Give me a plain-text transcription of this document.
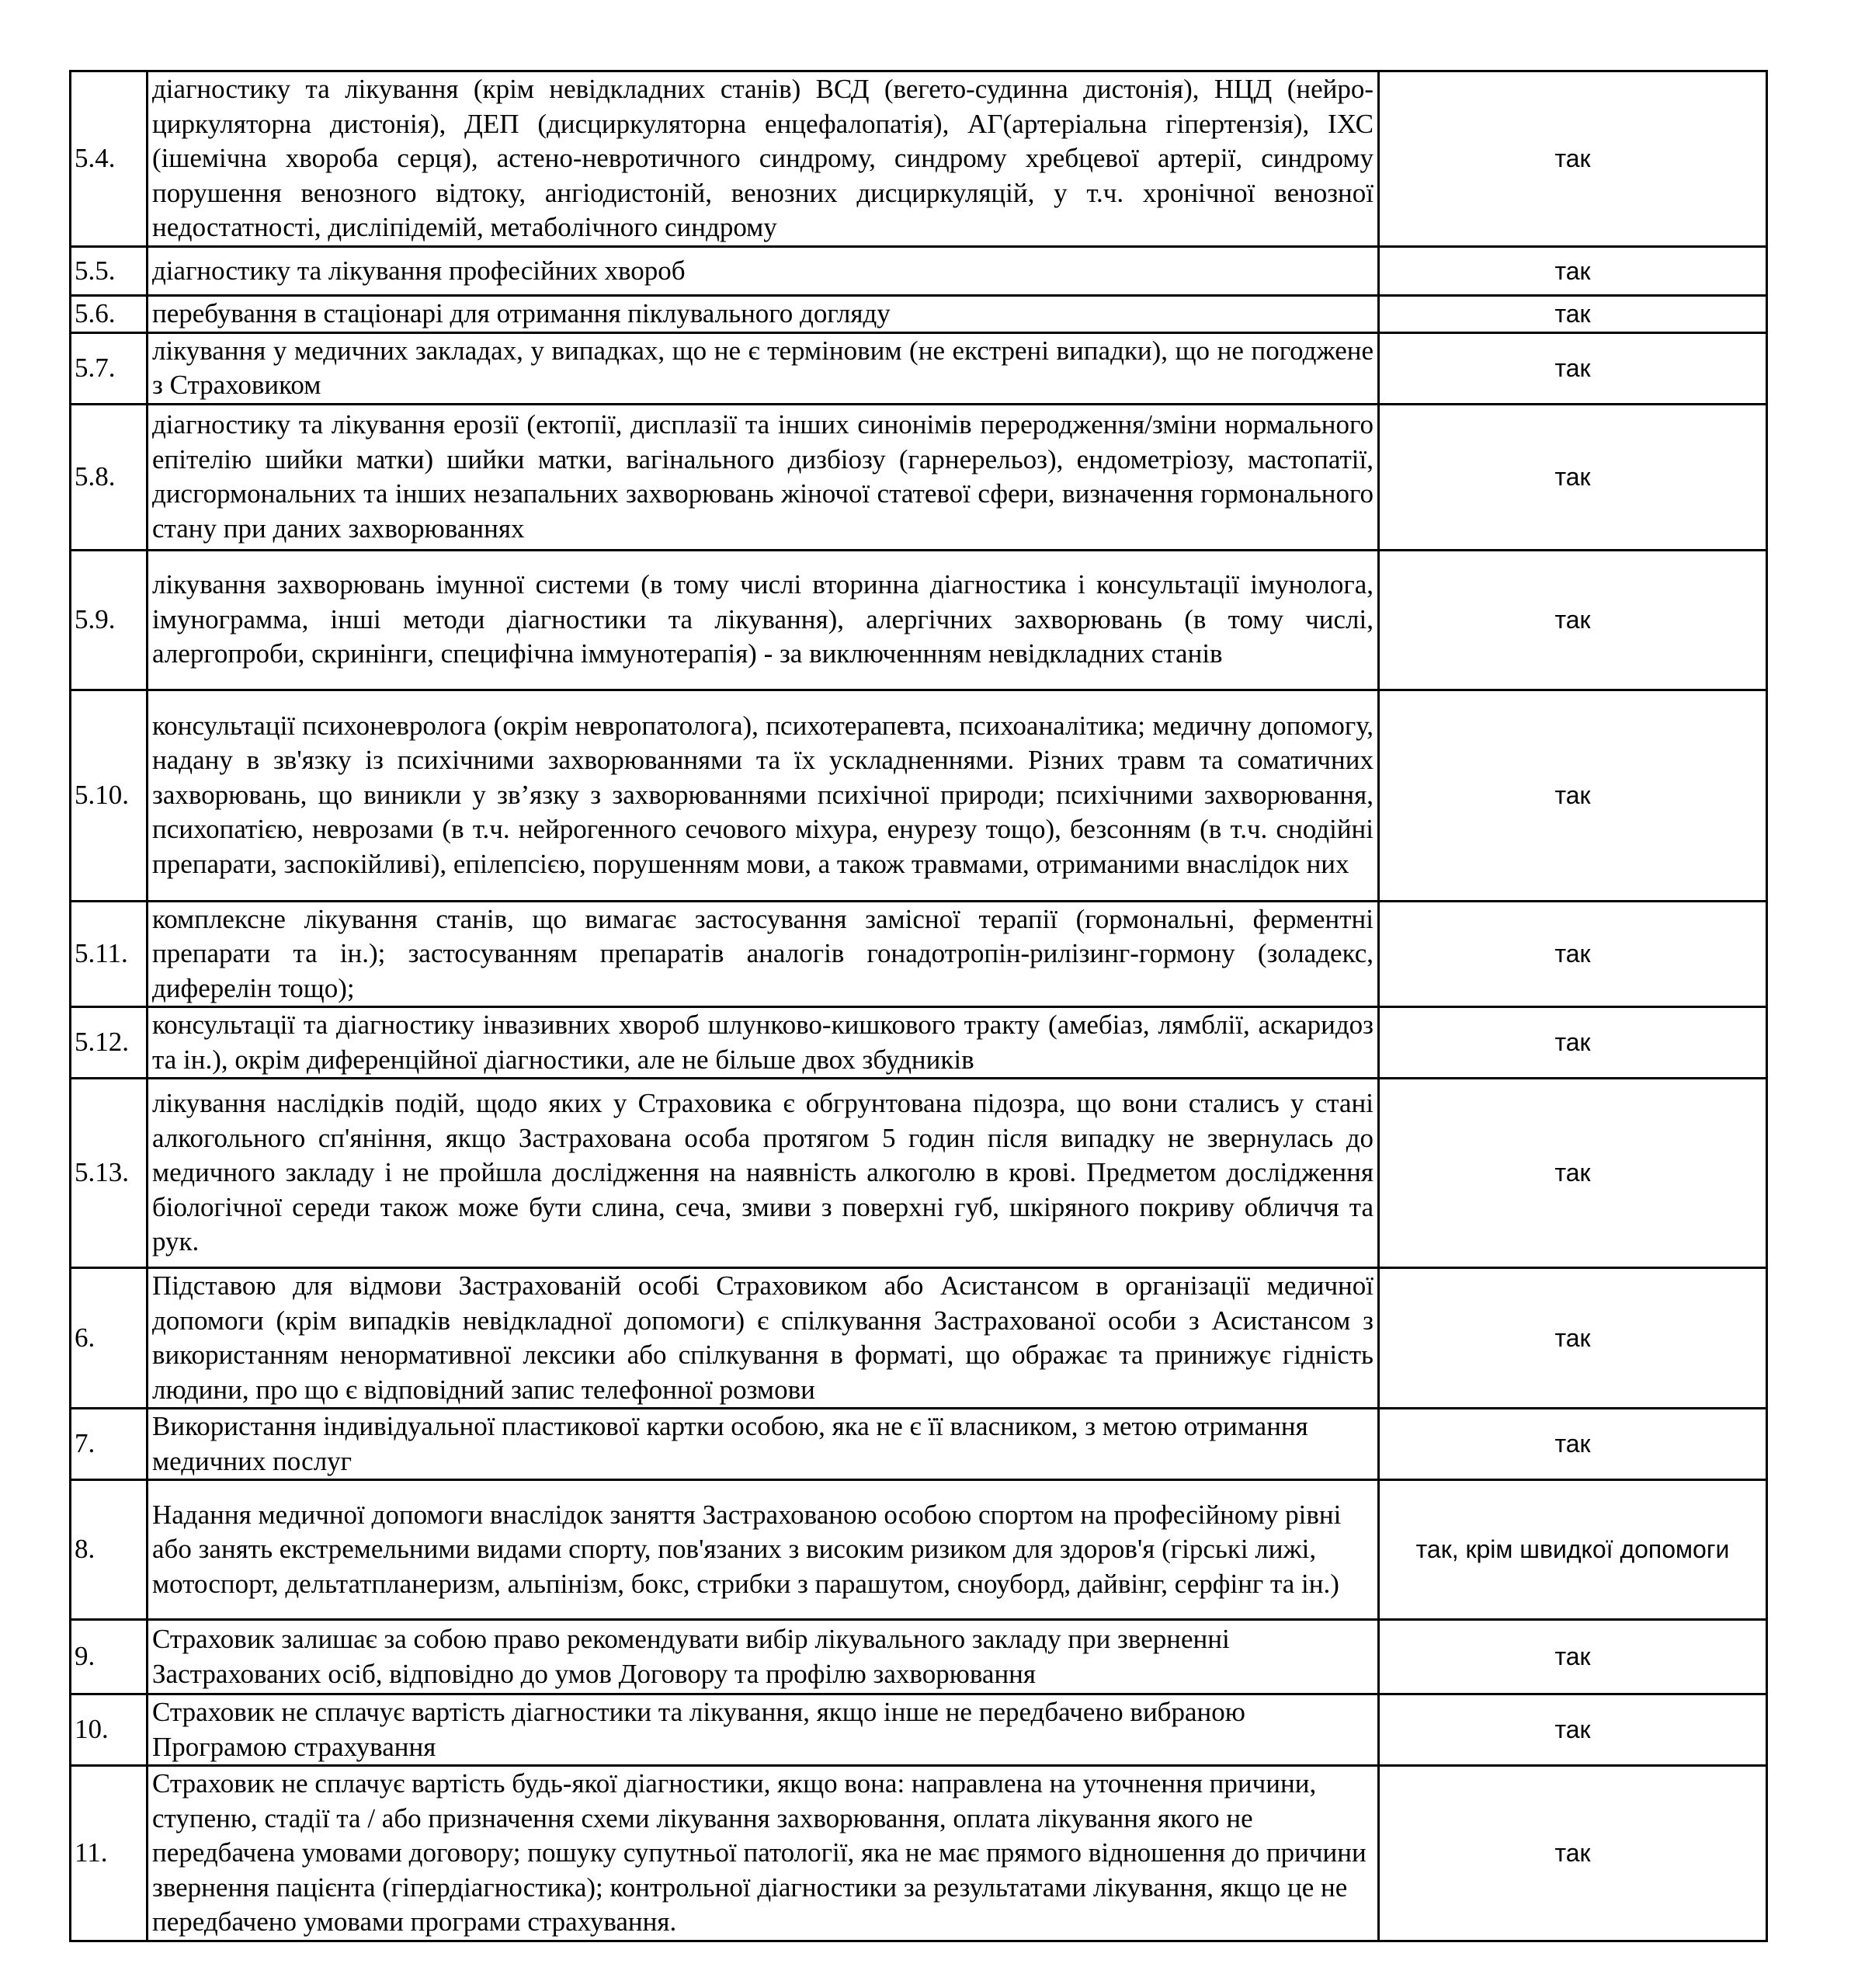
5.4.	діагностику та лікування (крім невідкладних станів) ВСД (вегето-судинна дистонія), НЦД (нейро-циркуляторна дистонія), ДЕП (дисциркуляторна енцефалопатія), АГ(артеріальна гіпертензія), ІХС (ішемічна хвороба серця), астено-невротичного синдрому, синдрому хребцевої артерії, синдрому порушення венозного відтоку, ангіодистоній, венозних дисциркуляцій, у т.ч. хронічної венозної недостатності, дисліпідемій, метаболічного синдрому	так
5.5.	діагностику та лікування професійних хвороб	так
5.6.	перебування в стаціонарі для отримання піклувального догляду	так
5.7.	лікування у медичних закладах, у випадках, що не є терміновим (не екстрені випадки), що не погоджене з Страховиком	так
5.8.	діагностику та лікування ерозії (ектопії, дисплазії та інших синонімів переродження/зміни нормального епітелію шийки матки) шийки матки, вагінального дизбіозу (гарнерельоз), ендометріозу, мастопатії, дисгормональних та інших незапальних захворювань жіночої статевої сфери, визначення гормонального стану при даних захворюваннях	так
5.9.	лікування захворювань імунної системи (в тому числі вторинна діагностика і консультації імунолога, імунограмма, інші методи діагностики та лікування), алергічних захворювань (в тому числі, алергопроби, скринінги, специфічна іммунотерапія) - за виключеннням невідкладних станів	так
5.10.	консультації психоневролога (окрім невропатолога), психотерапевта, психоаналітика; медичну допомогу, надану в зв'язку із психічними захворюваннями та їх ускладненнями. Різних травм та соматичних захворювань, що виникли у зв’язку з захворюваннями психічної природи; психічними захворювання, психопатією, неврозами (в т.ч. нейрогенного сечового міхура, енурезу тощо), безсонням (в т.ч. снодійні препарати, заспокійливі), епілепсією, порушенням мови, а також травмами, отриманими внаслідок них	так
5.11.	комплексне лікування станів, що вимагає застосування замісної терапії (гормональні, ферментні препарати та ін.); застосуванням препаратів аналогів гонадотропін-рилізинг-гормону (золадекс, диферелін тощо);	так
5.12.	консультації та діагностику інвазивних хвороб шлунково-кишкового тракту (амебіаз, лямблії, аскаридоз та ін.), окрім диференційної діагностики, але не більше двох збудників	так
5.13.	лікування наслідків подій, щодо яких у Страховика є обгрунтована підозра, що вони сталисъ у стані алкогольного сп'яніння, якщо Застрахована особа протягом 5 годин після випадку не звернулась до медичного закладу і не пройшла дослідження на наявність алкоголю в крові. Предметом дослідження біологічної середи також може бути слина, сеча, змиви з поверхні губ, шкіряного покриву обличчя та рук.	так
6.	Підставою для відмови Застрахованій особі Страховиком або Асистансом в організації медичної допомоги (крім випадків невідкладної допомоги) є спілкування Застрахованої особи з Асистансом з використанням ненормативної лексики або спілкування в форматі, що ображає та принижує гідність людини, про що є відповідний запис телефонної розмови	так
7.	Використання індивідуальної пластикової картки особою, яка не є її власником, з метою отримання медичних послуг	так
8.	Надання медичної допомоги внаслідок заняття Застрахованою особою спортом на професійному рівні або занять екстремельними видами спорту, пов'язаних з високим ризиком для здоров'я (гірські лижі, мотоспорт, дельтатпланеризм, альпінізм, бокс, стрибки з парашутом, сноуборд, дайвінг, серфінг та ін.)	так, крім швидкої допомоги
9.	Страховик залишає за собою право рекомендувати вибір лікувального закладу при зверненні Застрахованих осіб, відповідно до умов Договору та профілю захворювання	так
10.	Страховик не сплачує вартість діагностики та лікування, якщо інше не передбачено вибраною Програмою страхування	так
11.	Страховик не сплачує вартість будь-якої діагностики, якщо вона: направлена на уточнення причини, ступеню, стадії та / або призначення схеми лікування захворювання, оплата лікування якого не передбачена умовами договору; пошуку супутньої патології, яка не має прямого відношення до причини звернення пацієнта (гіпердіагностика); контрольної діагностики за результатами лікування, якщо це не передбачено умовами програми страхування.	так
